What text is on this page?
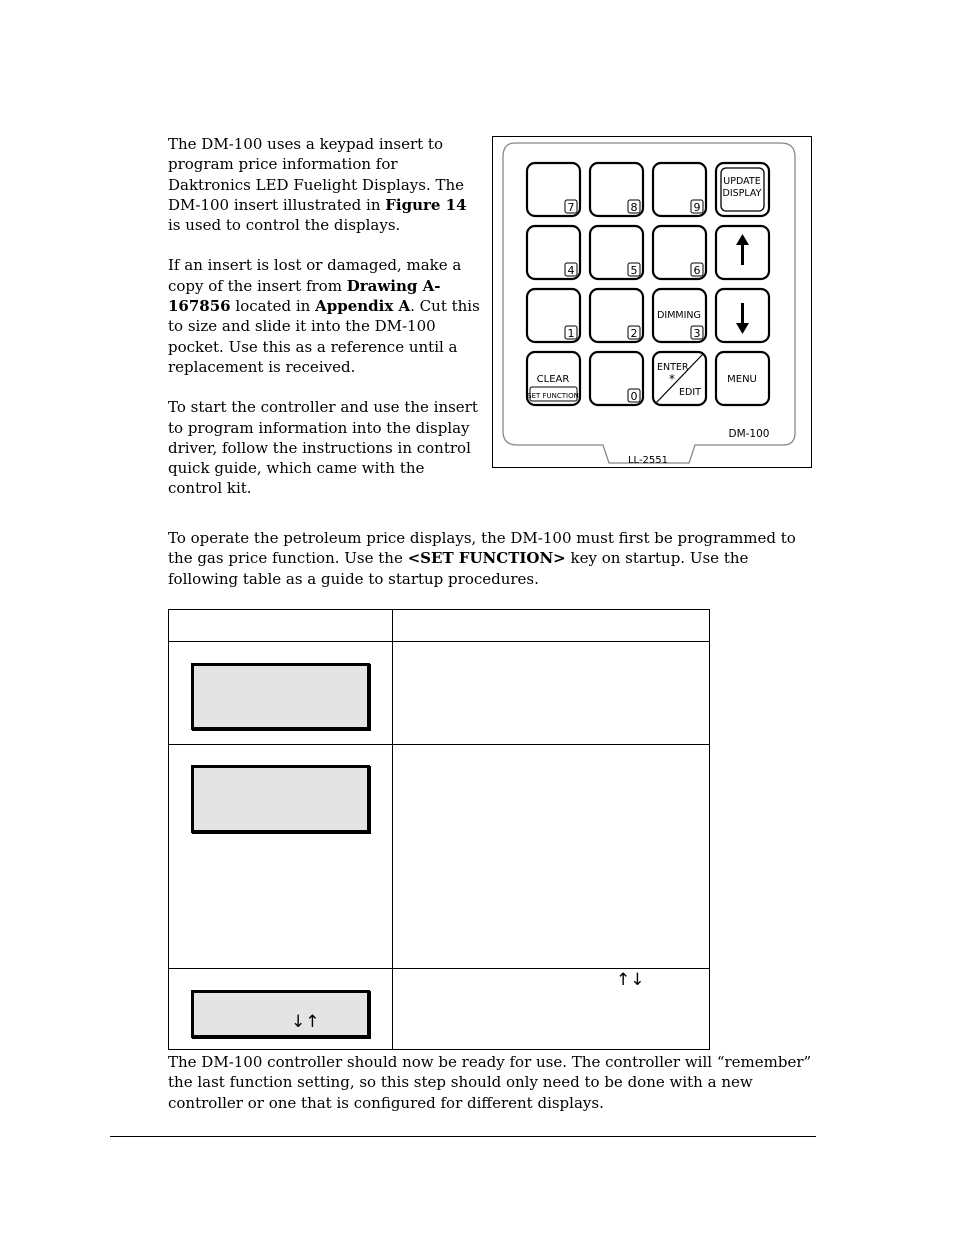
The DM-100 uses a keypad insert to program price information for Daktronics LED Fuelight Displays. The DM-100 insert illustrated in Figure 14 is used to control the displays.

If an insert is lost or damaged, make a copy of the insert from Drawing A-167856 located in Appendix A. Cut this to size and slide it into the DM-100 pocket. Use this as a reference until a replacement is received.

To start the controller and use the insert to program information into the display driver, follow the instructions in control quick guide, which came with the control kit.

7	8	9
UPDATE
DISPLAY
4	5	6
1	2
DIMMING
3
CLEAR
SET FUNCTION	0
ENTER
*
EDIT
MENU
DM-100
LL-2551
To operate the petroleum price displays, the DM-100 must first be programmed to the gas price function. Use the <SET FUNCTION> key on startup. Use the following table as a guide to startup procedures.

↓↑	↑↓
The DM-100 controller should now be ready for use. The controller will “remember” the last function setting, so this step should only need to be done with a new controller or one that is configured for different displays.
